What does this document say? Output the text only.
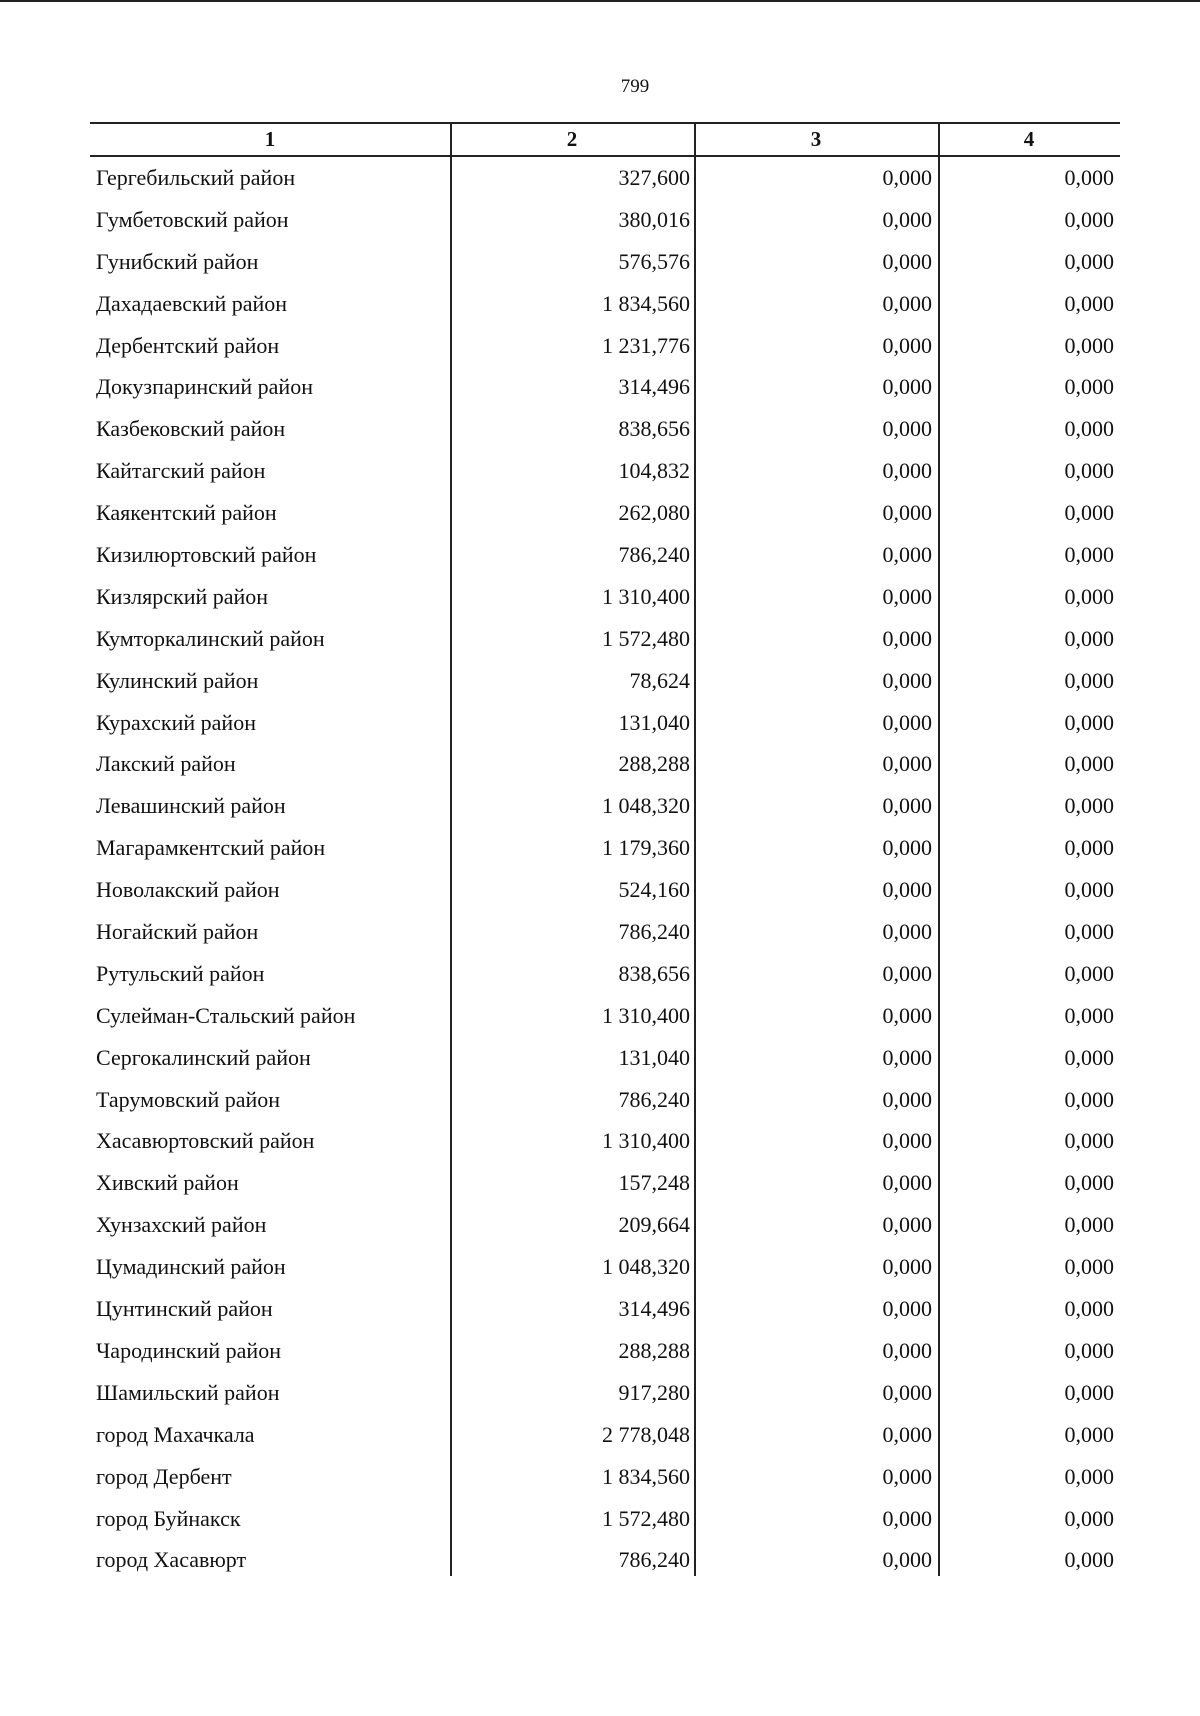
799
1	2	3	4
Гергебильский район	327,600	0,000	0,000
Гумбетовский район	380,016	0,000	0,000
Гунибский район	576,576	0,000	0,000
Дахадаевский район	1 834,560	0,000	0,000
Дербентский район	1 231,776	0,000	0,000
Докузпаринский район	314,496	0,000	0,000
Казбековский район	838,656	0,000	0,000
Кайтагский район	104,832	0,000	0,000
Каякентский район	262,080	0,000	0,000
Кизилюртовский район	786,240	0,000	0,000
Кизлярский район	1 310,400	0,000	0,000
Кумторкалинский район	1 572,480	0,000	0,000
Кулинский район	78,624	0,000	0,000
Курахский район	131,040	0,000	0,000
Лакский район	288,288	0,000	0,000
Левашинский район	1 048,320	0,000	0,000
Магарамкентский район	1 179,360	0,000	0,000
Новолакский район	524,160	0,000	0,000
Ногайский район	786,240	0,000	0,000
Рутульский район	838,656	0,000	0,000
Сулейман-Стальский район	1 310,400	0,000	0,000
Сергокалинский район	131,040	0,000	0,000
Тарумовский район	786,240	0,000	0,000
Хасавюртовский район	1 310,400	0,000	0,000
Хивский район	157,248	0,000	0,000
Хунзахский район	209,664	0,000	0,000
Цумадинский район	1 048,320	0,000	0,000
Цунтинский район	314,496	0,000	0,000
Чародинский район	288,288	0,000	0,000
Шамильский район	917,280	0,000	0,000
город Махачкала	2 778,048	0,000	0,000
город Дербент	1 834,560	0,000	0,000
город Буйнакск	1 572,480	0,000	0,000
город Хасавюрт	786,240	0,000	0,000
